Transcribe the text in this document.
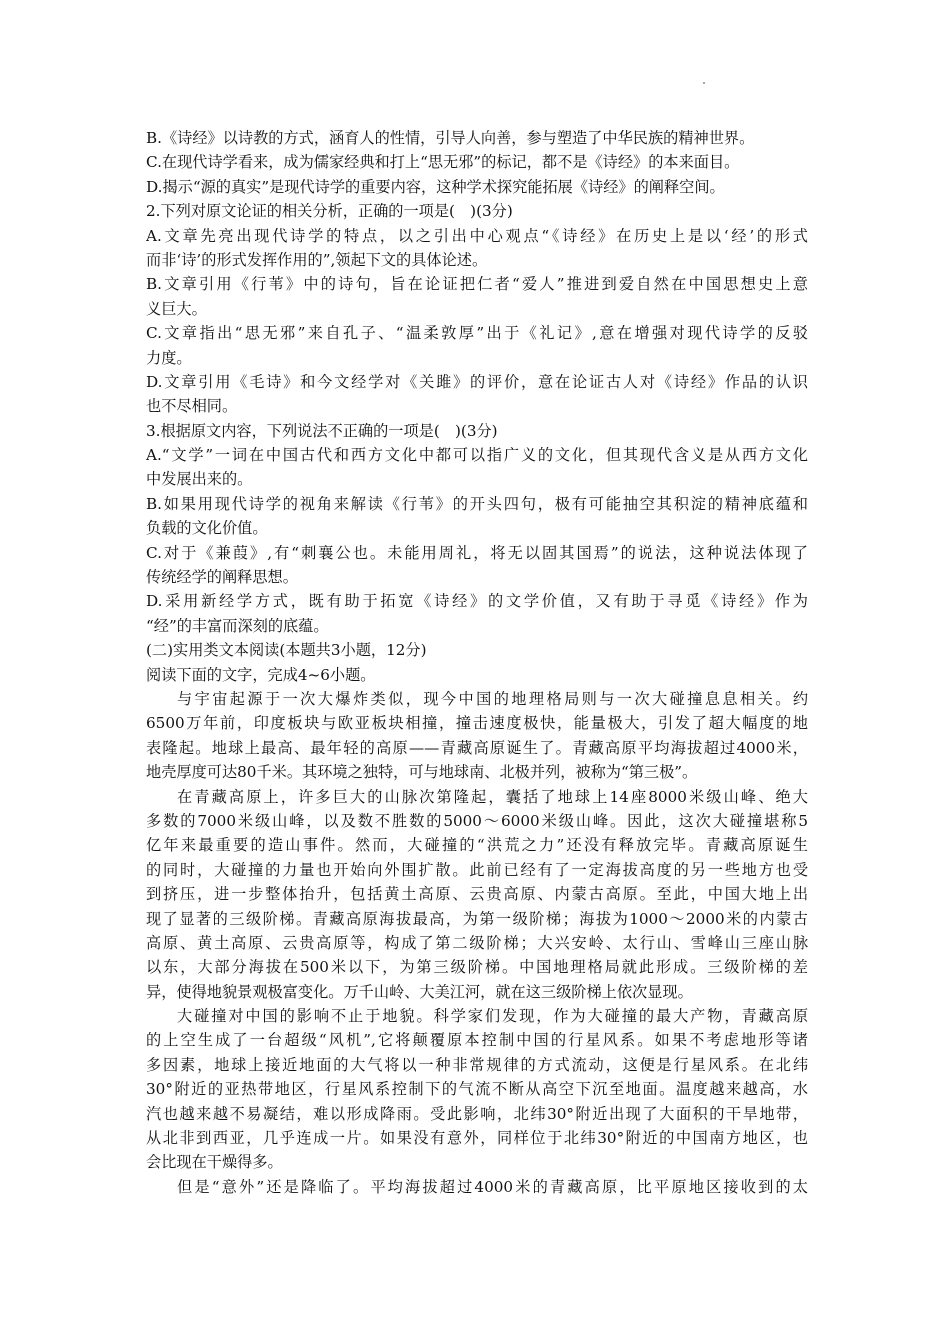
B.《诗经》以诗教的方式，涵育人的性情，引导人向善，参与塑造了中华民族的精神世界。
C.在现代诗学看来，成为儒家经典和打上“思无邪”的标记，都不是《诗经》的本来面目。
D.揭示“源的真实”是现代诗学的重要内容，这种学术探究能拓展《诗经》的阐释空间。
2.下列对原文论证的相关分析，正确的一项是(　)(3分)
A.文章先亮出现代诗学的特点，以之引出中心观点“《诗经》在历史上是以‘经’的形式
而非‘诗’的形式发挥作用的”,领起下文的具体论述。
B.文章引用《行苇》中的诗句，旨在论证把仁者“爱人”推进到爱自然在中国思想史上意
义巨大。
C.文章指出“思无邪”来自孔子、“温柔敦厚”出于《礼记》,意在增强对现代诗学的反驳
力度。
D.文章引用《毛诗》和今文经学对《关雎》的评价，意在论证古人对《诗经》作品的认识
也不尽相同。
3.根据原文内容，下列说法不正确的一项是(　)(3分)
A.“文学”一词在中国古代和西方文化中都可以指广义的文化，但其现代含义是从西方文化
中发展出来的。
B.如果用现代诗学的视角来解读《行苇》的开头四句，极有可能抽空其积淀的精神底蕴和
负载的文化价值。
C.对于《兼葭》,有“刺襄公也。未能用周礼，将无以固其国焉”的说法，这种说法体现了
传统经学的阐释思想。
D.采用新经学方式，既有助于拓宽《诗经》的文学价值，又有助于寻觅《诗经》作为
“经”的丰富而深刻的底蕴。
(二)实用类文本阅读(本题共3小题，12分)
阅读下面的文字，完成4~6小题。
与宇宙起源于一次大爆炸类似，现今中国的地理格局则与一次大碰撞息息相关。约
6500万年前，印度板块与欧亚板块相撞，撞击速度极快，能量极大，引发了超大幅度的地
表隆起。地球上最高、最年轻的高原——青藏高原诞生了。青藏高原平均海拔超过4000米，
地壳厚度可达80千米。其环境之独特，可与地球南、北极并列，被称为“第三极”。
在青藏高原上，许多巨大的山脉次第隆起，囊括了地球上14座8000米级山峰、绝大
多数的7000米级山峰，以及数不胜数的5000～6000米级山峰。因此，这次大碰撞堪称5
亿年来最重要的造山事件。然而，大碰撞的“洪荒之力”还没有释放完毕。青藏高原诞生
的同时，大碰撞的力量也开始向外围扩散。此前已经有了一定海拔高度的另一些地方也受
到挤压，进一步整体抬升，包括黄土高原、云贵高原、内蒙古高原。至此，中国大地上出
现了显著的三级阶梯。青藏高原海拔最高，为第一级阶梯；海拔为1000～2000米的内蒙古
高原、黄土高原、云贵高原等，构成了第二级阶梯；大兴安岭、太行山、雪峰山三座山脉
以东，大部分海拔在500米以下，为第三级阶梯。中国地理格局就此形成。三级阶梯的差
异，使得地貌景观极富变化。万千山岭、大美江河，就在这三级阶梯上依次显现。
大碰撞对中国的影响不止于地貌。科学家们发现，作为大碰撞的最大产物，青藏高原
的上空生成了一台超级“风机”,它将颠覆原本控制中国的行星风系。如果不考虑地形等诸
多因素，地球上接近地面的大气将以一种非常规律的方式流动，这便是行星风系。在北纬
30°附近的亚热带地区，行星风系控制下的气流不断从高空下沉至地面。温度越来越高，水
汽也越来越不易凝结，难以形成降雨。受此影响，北纬30°附近出现了大面积的干旱地带，
从北非到西亚，几乎连成一片。如果没有意外，同样位于北纬30°附近的中国南方地区，也
会比现在干燥得多。
但是“意外”还是降临了。平均海拔超过4000米的青藏高原，比平原地区接收到的太
